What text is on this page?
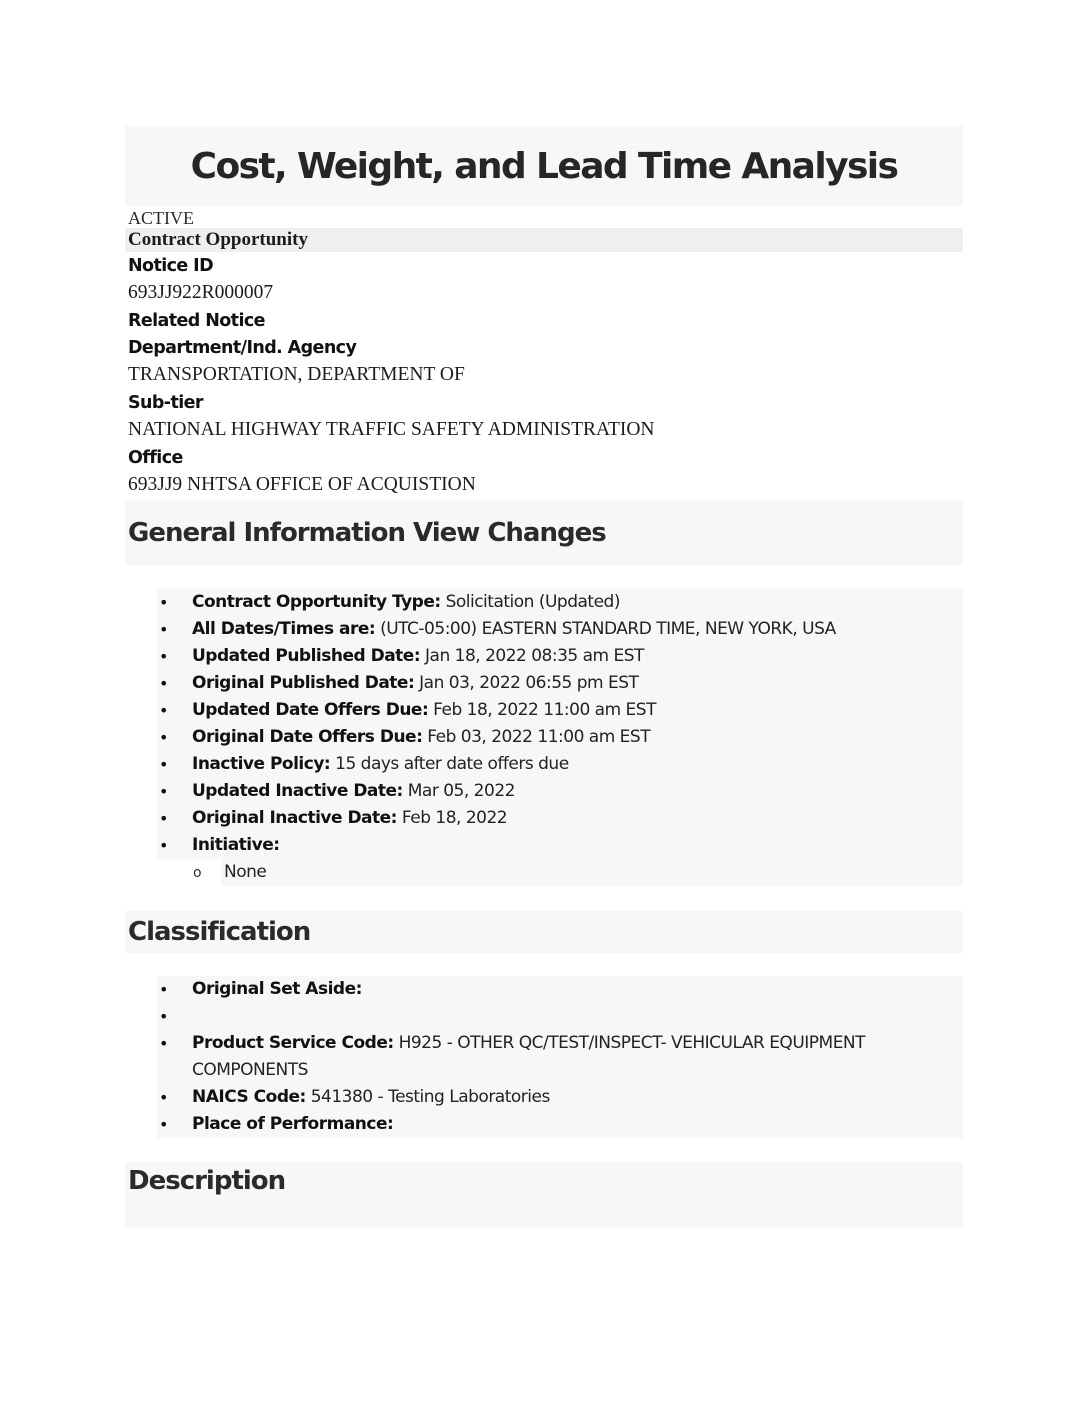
Cost, Weight, and Lead Time Analysis
ACTIVE
Contract Opportunity
Notice ID
693JJ922R000007
Related Notice
Department/Ind. Agency
TRANSPORTATION, DEPARTMENT OF
Sub-tier
NATIONAL HIGHWAY TRAFFIC SAFETY ADMINISTRATION
Office
693JJ9 NHTSA OFFICE OF ACQUISTION
General Information View Changes
• Contract Opportunity Type: Solicitation (Updated)
• All Dates/Times are: (UTC-05:00) EASTERN STANDARD TIME, NEW YORK, USA
• Updated Published Date: Jan 18, 2022 08:35 am EST
• Original Published Date: Jan 03, 2022 06:55 pm EST
• Updated Date Offers Due: Feb 18, 2022 11:00 am EST
• Original Date Offers Due: Feb 03, 2022 11:00 am EST
• Inactive Policy: 15 days after date offers due
• Updated Inactive Date: Mar 05, 2022
• Original Inactive Date: Feb 18, 2022
• Initiative:
o None
Classification
• Original Set Aside:
•
• Product Service Code: H925 - OTHER QC/TEST/INSPECT- VEHICULAR EQUIPMENT COMPONENTS
• NAICS Code: 541380 - Testing Laboratories
• Place of Performance:
Description
